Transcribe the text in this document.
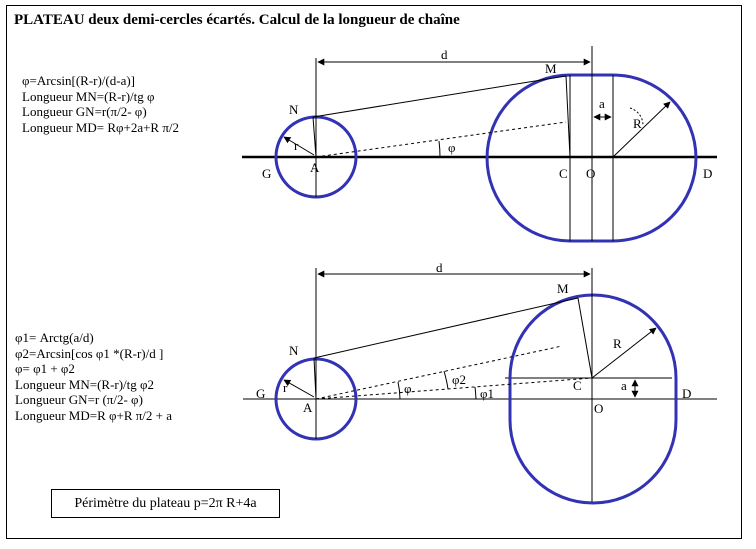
PLATEAU deux demi-cercles écartés. Calcul de la longueur de chaîne
φ=Arcsin[(R-r)/(d-a)]
Longueur MN=(R-r)/tg φ
Longueur GN=r(π/2- φ)
Longueur MD= Rφ+2a+R π/2
φ1= Arctg(a/d)
φ2=Arcsin[cos φ1 *(R-r)/d ]
φ= φ1 + φ2
Longueur MN=(R-r)/tg φ2
Longueur GN=r (π/2- φ)
Longueur MD=R φ+R π/2 + a
Périmètre du plateau p=2π R+4a
d
M
N	a
R
r	φ
A
G	C O	D
d
M
N	R
r	a
φ
φ2
φ1
A
G
C
O
D
